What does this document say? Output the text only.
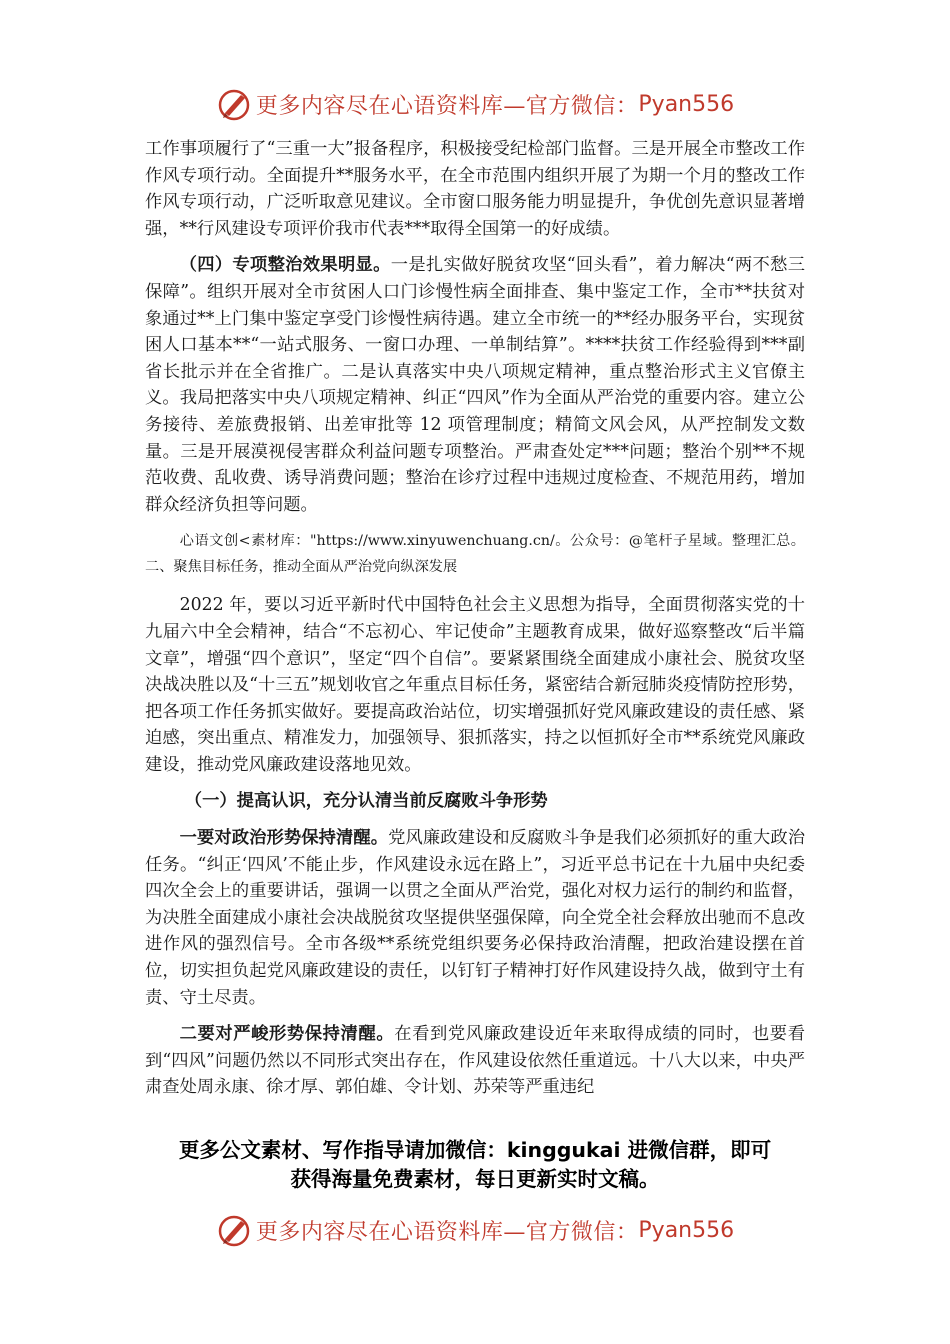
更多内容尽在心语资料库—官方微信： Pyan556

工作事项履行了“三重一大”报备程序，积极接受纪检部门监督。三是开展全市整改工作作风专项行动。全面提升**服务水平，在全市范围内组织开展了为期一个月的整改工作作风专项行动，广泛听取意见建议。全市窗口服务能力明显提升，争优创先意识显著增强，**行风建设专项评价我市代表***取得全国第一的好成绩。

（四）专项整治效果明显。一是扎实做好脱贫攻坚“回头看”，着力解决“两不愁三保障”。组织开展对全市贫困人口门诊慢性病全面排查、集中鉴定工作，全市**扶贫对象通过**上门集中鉴定享受门诊慢性病待遇。建立全市统一的**经办服务平台，实现贫困人口基本**“一站式服务、一窗口办理、一单制结算”。****扶贫工作经验得到***副省长批示并在全省推广。二是认真落实中央八项规定精神，重点整治形式主义官僚主义。我局把落实中央八项规定精神、纠正“四风”作为全面从严治党的重要内容。建立公务接待、差旅费报销、出差审批等 12 项管理制度；精简文风会风，从严控制发文数量。三是开展漠视侵害群众利益问题专项整治。严肃查处定***问题；整治个别**不规范收费、乱收费、诱导消费问题；整治在诊疗过程中违规过度检查、不规范用药，增加群众经济负担等问题。

心语文创<素材库："https://www.xinyuwenchuang.cn/。公众号：@笔杆子星域。整理汇总。二、聚焦目标任务，推动全面从严治党向纵深发展

2022 年，要以习近平新时代中国特色社会主义思想为指导，全面贯彻落实党的十九届六中全会精神，结合“不忘初心、牢记使命”主题教育成果，做好巡察整改“后半篇文章”，增强“四个意识”，坚定“四个自信”。要紧紧围绕全面建成小康社会、脱贫攻坚决战决胜以及“十三五”规划收官之年重点目标任务，紧密结合新冠肺炎疫情防控形势，把各项工作任务抓实做好。要提高政治站位，切实增强抓好党风廉政建设的责任感、紧迫感，突出重点、精准发力，加强领导、狠抓落实，持之以恒抓好全市**系统党风廉政建设，推动党风廉政建设落地见效。

（一）提高认识，充分认清当前反腐败斗争形势

一要对政治形势保持清醒。党风廉政建设和反腐败斗争是我们必须抓好的重大政治任务。“纠正‘四风’不能止步，作风建设永远在路上”，习近平总书记在十九届中央纪委四次全会上的重要讲话，强调一以贯之全面从严治党，强化对权力运行的制约和监督，为决胜全面建成小康社会决战脱贫攻坚提供坚强保障，向全党全社会释放出驰而不息改进作风的强烈信号。全市各级**系统党组织要务必保持政治清醒，把政治建设摆在首位，切实担负起党风廉政建设的责任，以钉钉子精神打好作风建设持久战，做到守土有责、守土尽责。

二要对严峻形势保持清醒。在看到党风廉政建设近年来取得成绩的同时，也要看到“四风”问题仍然以不同形式突出存在，作风建设依然任重道远。十八大以来，中央严肃查处周永康、徐才厚、郭伯雄、令计划、苏荣等严重违纪

更多公文素材、写作指导请加微信：kinggukai 进微信群，即可
获得海量免费素材，每日更新实时文稿。
更多内容尽在心语资料库—官方微信： Pyan556
